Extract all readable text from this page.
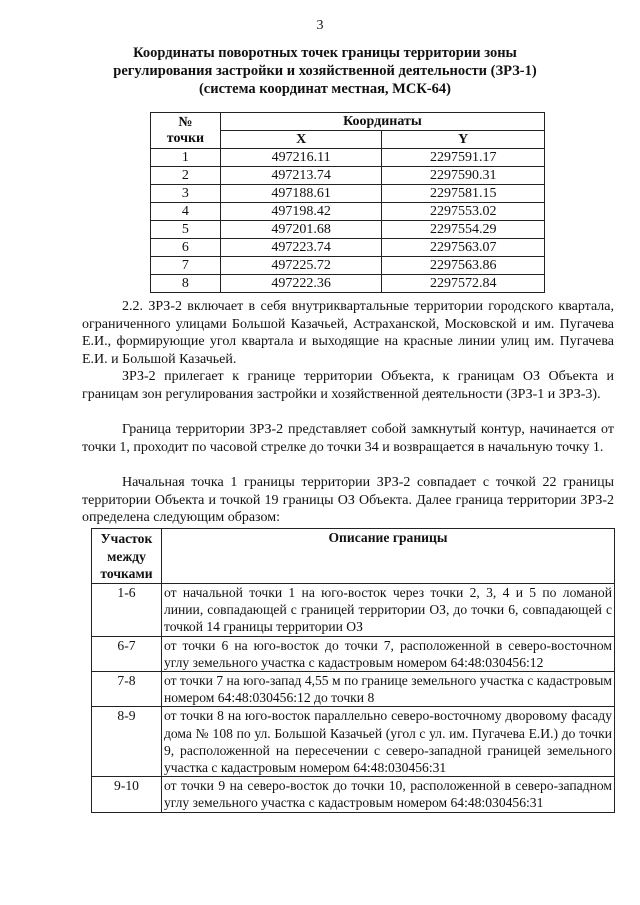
3
Координаты поворотных точек границы территории зоны
регулирования застройки и хозяйственной деятельности (ЗРЗ-1)
(система координат местная, МСК-64)
№
точки	Координаты	
	X	Y
1	497216.11	2297591.17
2	497213.74	2297590.31
3	497188.61	2297581.15
4	497198.42	2297553.02
5	497201.68	2297554.29
6	497223.74	2297563.07
7	497225.72	2297563.86
8	497222.36	2297572.84

2.2. ЗРЗ-2 включает в себя внутриквартальные территории городского квартала, ограниченного улицами Большой Казачьей, Астраханской, Московской и им. Пугачева Е.И., формирующие угол квартала и выходящие на красные линии улиц им. Пугачева Е.И. и Большой Казачьей.

ЗРЗ-2 прилегает к границе территории Объекта, к границам ОЗ Объекта и границам зон регулирования застройки и хозяйственной деятельности (ЗРЗ-1 и ЗРЗ-3).

Граница территории ЗРЗ-2 представляет собой замкнутый контур, начинается от точки 1, проходит по часовой стрелке до точки 34 и возвращается в начальную точку 1.

Начальная точка 1 границы территории ЗРЗ-2 совпадает с точкой 22 границы территории Объекта и точкой 19 границы ОЗ Объекта. Далее граница территории ЗРЗ-2 определена следующим образом:

Участок
между
точками	Описание границы
1-6	от начальной точки 1 на юго-восток через точки 2, 3, 4 и 5 по ломаной линии, совпадающей с границей территории ОЗ, до точки 6, совпадающей с точкой 14 границы территории ОЗ
6-7	от точки 6 на юго-восток до точки 7, расположенной в северо-восточном углу земельного участка с кадастровым номером 64:48:030456:12
7-8	от точки 7 на юго-запад 4,55 м по границе земельного участка с кадастровым номером 64:48:030456:12 до точки 8
8-9	от точки 8 на юго-восток параллельно северо-восточному дворовому фасаду дома № 108 по ул. Большой Казачьей (угол с ул. им. Пугачева Е.И.) до точки 9, расположенной на пересечении с северо-западной границей земельного участка с кадастровым номером 64:48:030456:31
9-10	от точки 9 на северо-восток до точки 10, расположенной в северо-западном углу земельного участка с кадастровым номером 64:48:030456:31
